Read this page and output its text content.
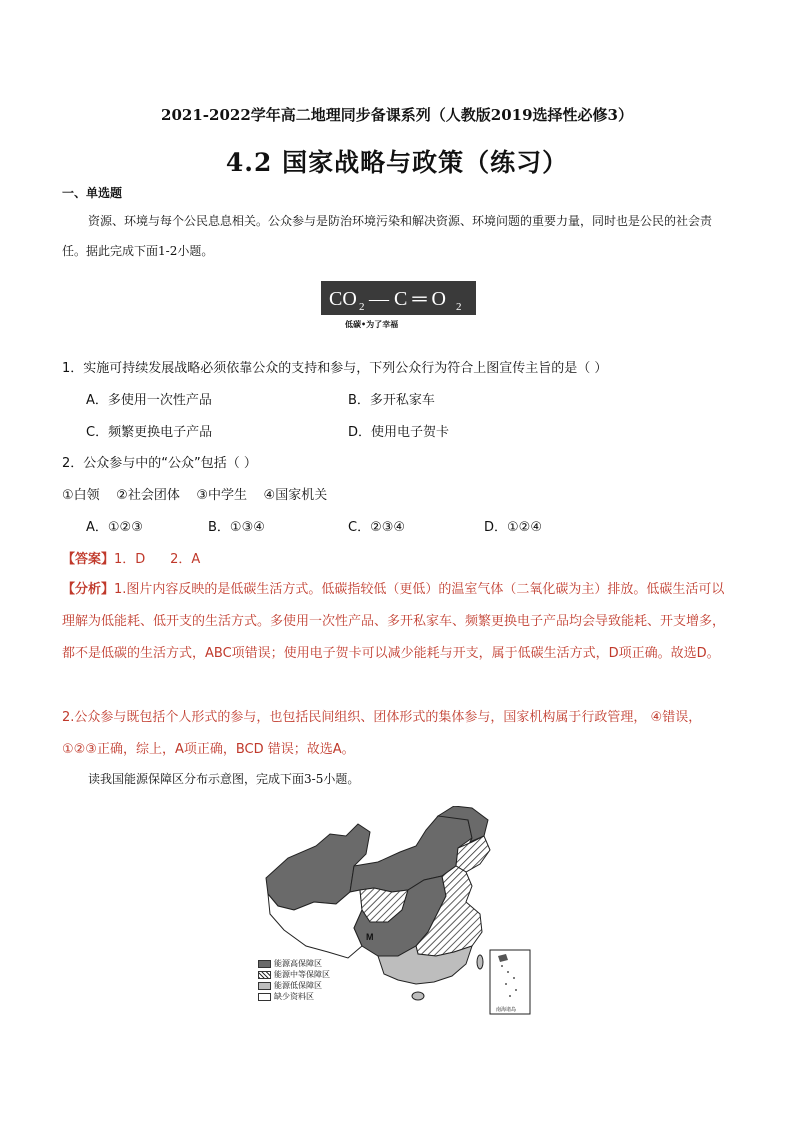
2021-2022学年高二地理同步备课系列（人教版2019选择性必修3）
4.2 国家战略与政策（练习）
一、单选题
资源、环境与每个公民息息相关。公众参与是防治环境污染和解决资源、环境问题的重要力量，同时也是公民的社会责任。据此完成下面1-2小题。
CO 2 — C ═ O 2
低碳•为了幸福
1．实施可持续发展战略必须依靠公众的支持和参与，下列公众行为符合上图宣传主旨的是（ ）
A．多使用一次性产品	B．多开私家车
C．频繁更换电子产品	D．使用电子贺卡
2．公众参与中的“公众”包括（ ）
①白领    ②社会团体    ③中学生    ④国家机关
A．①②③	B．①③④	C．②③④	D．①②④
【答案】1．D      2．A
【分析】1.图片内容反映的是低碳生活方式。低碳指较低（更低）的温室气体（二氧化碳为主）排放。低碳生活可以理解为低能耗、低开支的生活方式。多使用一次性产品、多开私家车、频繁更换电子产品均会导致能耗、开支增多，都不是低碳的生活方式，ABC项错误；使用电子贺卡可以减少能耗与开支，属于低碳生活方式，D项正确。故选D。
2.公众参与既包括个人形式的参与，也包括民间组织、团体形式的集体参与，国家机构属于行政管理， ④错误，①②③正确，综上，A项正确，BCD 错误；故选A。
读我国能源保障区分布示意图，完成下面3-5小题。
M
南海诸岛
能源高保障区
能源中等保障区
能源低保障区
缺少资料区
